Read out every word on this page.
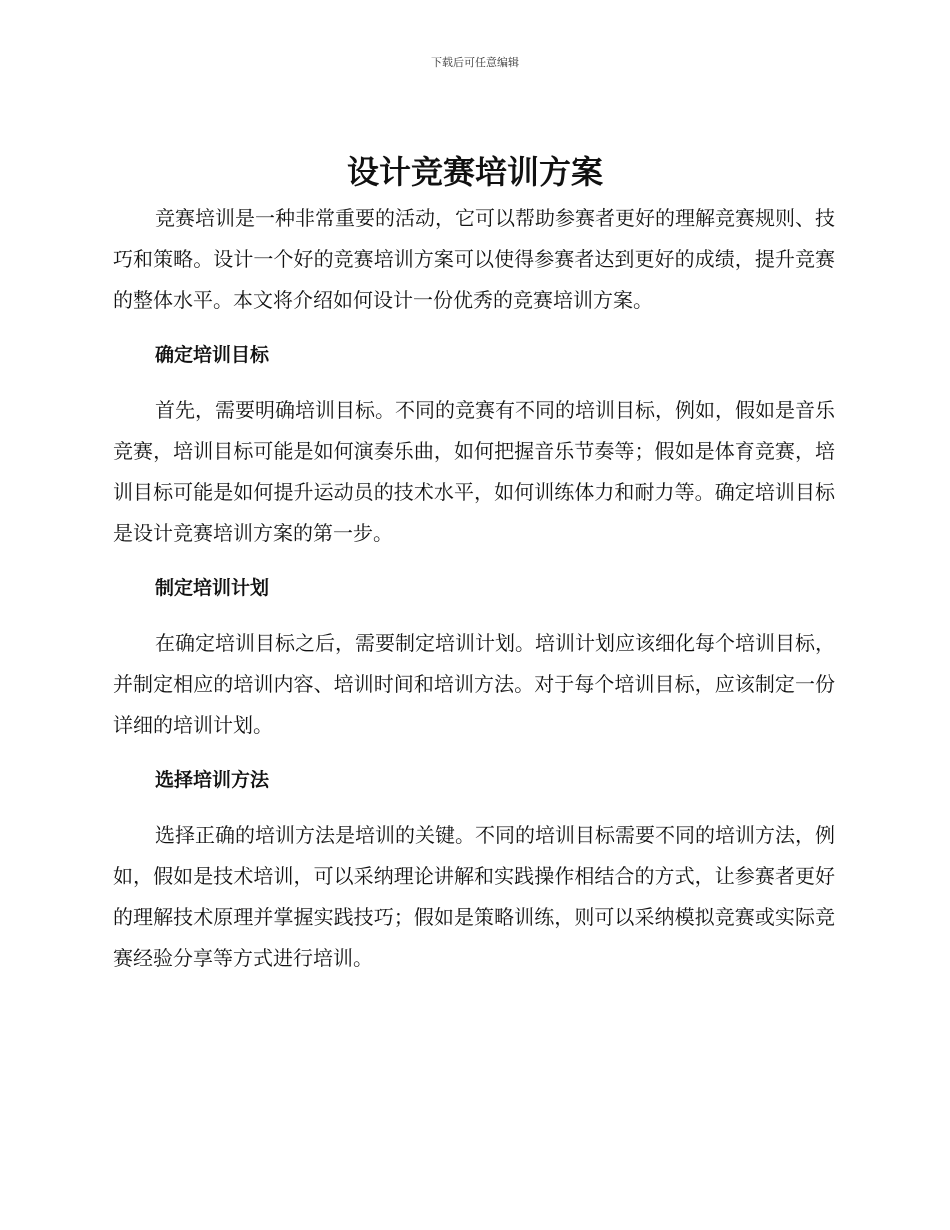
下载后可任意编辑
设计竞赛培训方案

竞赛培训是一种非常重要的活动，它可以帮助参赛者更好的理解竞赛规则、技巧和策略。设计一个好的竞赛培训方案可以使得参赛者达到更好的成绩，提升竞赛的整体水平。本文将介绍如何设计一份优秀的竞赛培训方案。

确定培训目标

首先，需要明确培训目标。不同的竞赛有不同的培训目标，例如，假如是音乐竞赛，培训目标可能是如何演奏乐曲，如何把握音乐节奏等；假如是体育竞赛，培训目标可能是如何提升运动员的技术水平，如何训练体力和耐力等。确定培训目标是设计竞赛培训方案的第一步。

制定培训计划

在确定培训目标之后，需要制定培训计划。培训计划应该细化每个培训目标，并制定相应的培训内容、培训时间和培训方法。对于每个培训目标，应该制定一份详细的培训计划。

选择培训方法

选择正确的培训方法是培训的关键。不同的培训目标需要不同的培训方法，例如，假如是技术培训，可以采纳理论讲解和实践操作相结合的方式，让参赛者更好的理解技术原理并掌握实践技巧；假如是策略训练，则可以采纳模拟竞赛或实际竞赛经验分享等方式进行培训。
